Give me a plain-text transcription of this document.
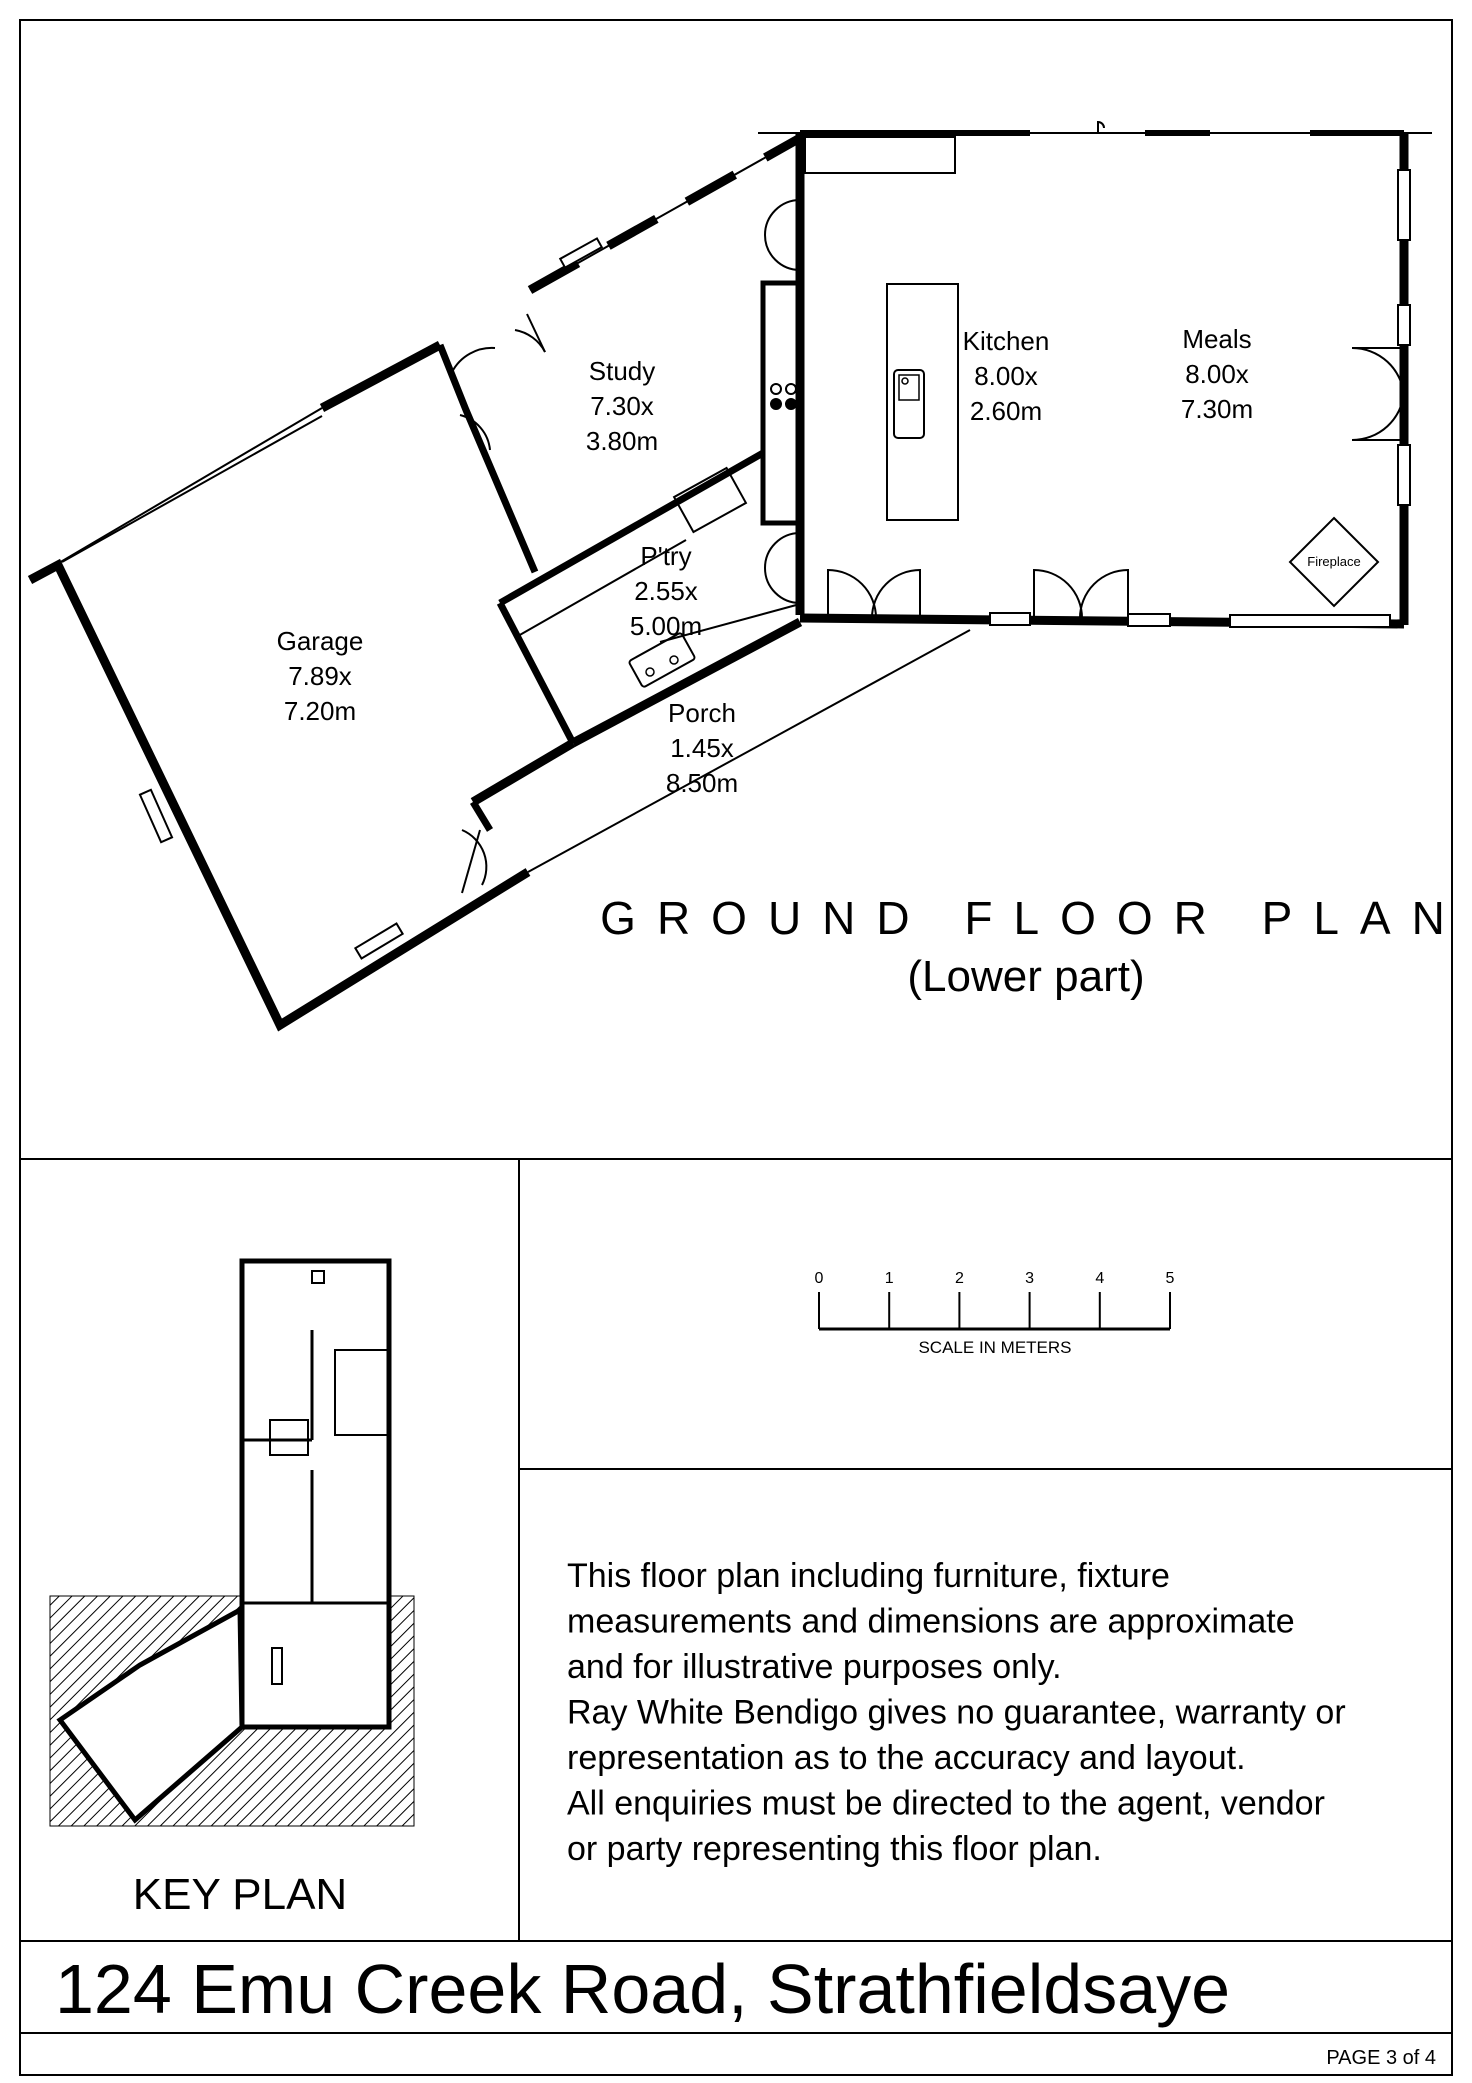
Fireplace
Garage
7.89x
7.20m
Study
7.30x
3.80m
P'try
2.55x
5.00m
Porch
1.45x
8.50m
Kitchen
8.00x
2.60m
Meals
8.00x
7.30m
GROUND FLOOR PLAN
(Lower part)
KEY PLAN
SCALE IN METERS
0	1	2	3	4	5
This floor plan including furniture, fixture
measurements and dimensions are approximate
and for illustrative purposes only.
Ray White Bendigo gives no guarantee, warranty or
representation as to the accuracy and layout.
All enquiries must be directed to the agent, vendor
or party representing this floor plan.
124 Emu Creek Road, Strathfieldsaye
PAGE 3 of 4
